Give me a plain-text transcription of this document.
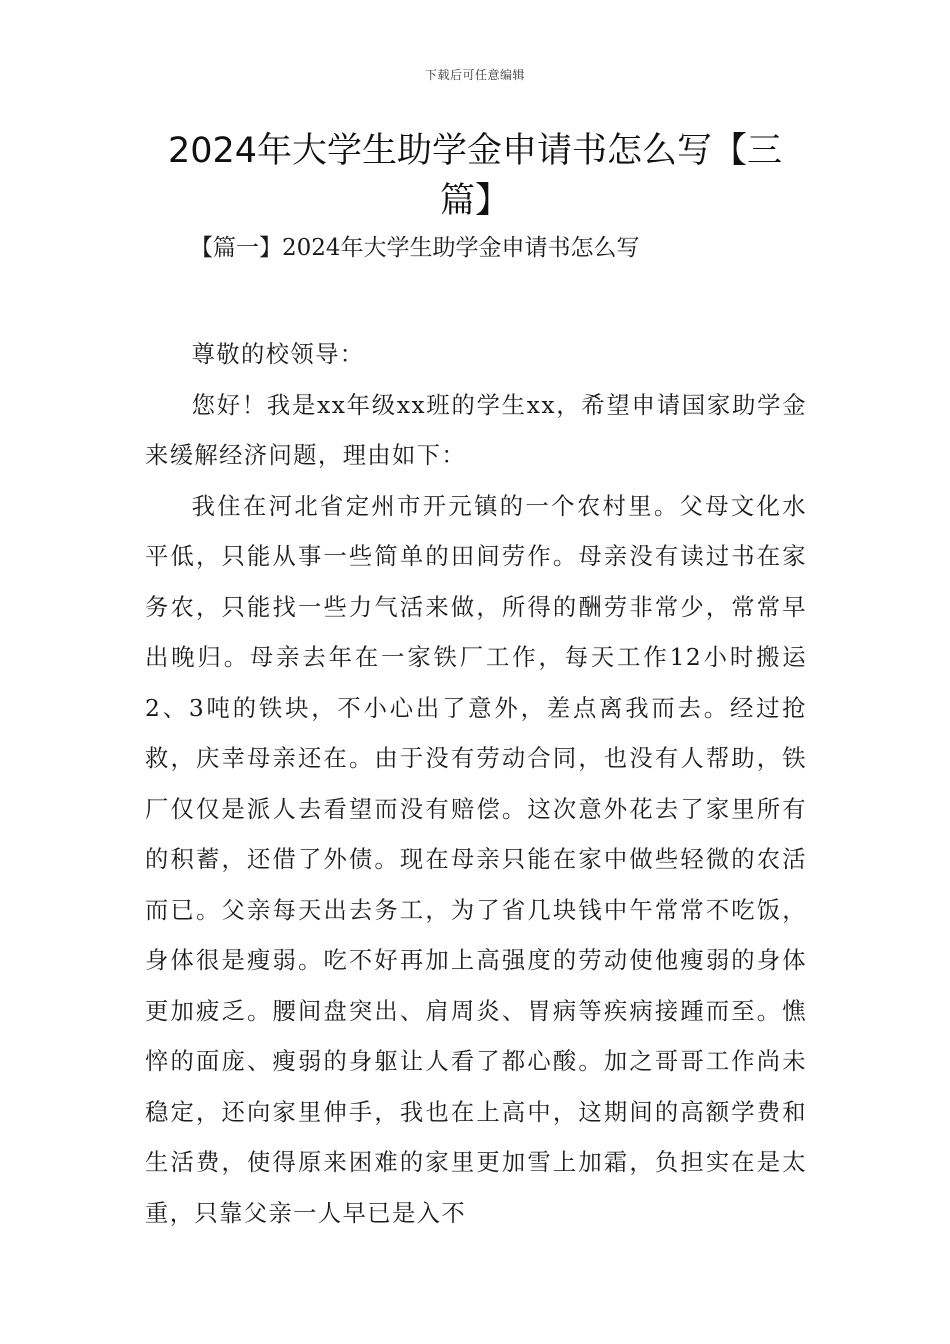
下载后可任意编辑
2024年大学生助学金申请书怎么写【三篇】

【篇一】2024年大学生助学金申请书怎么写

尊敬的校领导：

您好！我是xx年级xx班的学生xx，希望申请国家助学金来缓解经济问题，理由如下：

我住在河北省定州市开元镇的一个农村里。父母文化水平低，只能从事一些简单的田间劳作。母亲没有读过书在家务农，只能找一些力气活来做，所得的酬劳非常少，常常早出晚归。母亲去年在一家铁厂工作，每天工作12小时搬运2、3吨的铁块，不小心出了意外，差点离我而去。经过抢救，庆幸母亲还在。由于没有劳动合同，也没有人帮助，铁厂仅仅是派人去看望而没有赔偿。这次意外花去了家里所有的积蓄，还借了外债。现在母亲只能在家中做些轻微的农活而已。父亲每天出去务工，为了省几块钱中午常常不吃饭，身体很是瘦弱。吃不好再加上高强度的劳动使他瘦弱的身体更加疲乏。腰间盘突出、肩周炎、胃病等疾病接踵而至。憔悴的面庞、瘦弱的身躯让人看了都心酸。加之哥哥工作尚未稳定，还向家里伸手，我也在上高中，这期间的高额学费和生活费，使得原来困难的家里更加雪上加霜，负担实在是太重，只靠父亲一人早已是入不
